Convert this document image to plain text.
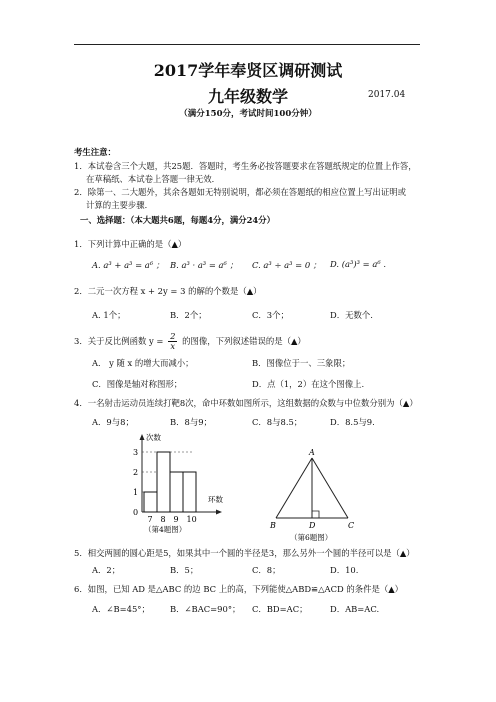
2017学年奉贤区调研测试
九年级数学	2017.04
（满分150分，考试时间100分钟）
考生注意：
1．本试卷含三个大题，共25题．答题时，考生务必按答题要求在答题纸规定的位置上作答，
在草稿纸、本试卷上答题一律无效．
2．除第一、二大题外，其余各题如无特别说明，都必须在答题纸的相应位置上写出证明或
计算的主要步骤．
一、选择题：（本大题共6题，每题4分，满分24分）
1．下列计算中正确的是（▲）
A. a³ + a³ = a⁶ ； B. a³ · a³ = a⁶ ； C. a³ ÷ a³ = 0 ； D. (a³)³ = a⁶ .
2．二元一次方程 x + 2y = 3 的解的个数是（▲）
A. 1个；	B．2个；	C．3个；	D．无数个.
3．关于反比例函数 $y = \frac{2}{x}$ 的图像，下列叙述错误的是（▲）
A． y 随 x 的增大而减小；	B．图像位于一、三象限；
C．图像是轴对称图形；	D．点（1，2）在这个图像上.
4．一名射击运动员连续打靶8次，命中环数如图所示，这组数据的众数与中位数分别为（▲）
A．9与8；	B．8与9；	C．8与8.5；	D．8.5与9.
次数
环数
0
1
2
3
7 8 9 10
（第4题图）
A
B	D	C
（第6题图）
5．相交两圆的圆心距是5，如果其中一个圆的半径是3，那么另外一个圆的半径可以是（▲）
A．2；	B．5；	C．8；	D．10.
6．如图，已知 AD 是△ABC 的边 BC 上的高，下列能使△ABD≌△ACD 的条件是（▲）
A．∠B=45°； B．∠BAC=90°； C．BD=AC；	D．AB=AC.
